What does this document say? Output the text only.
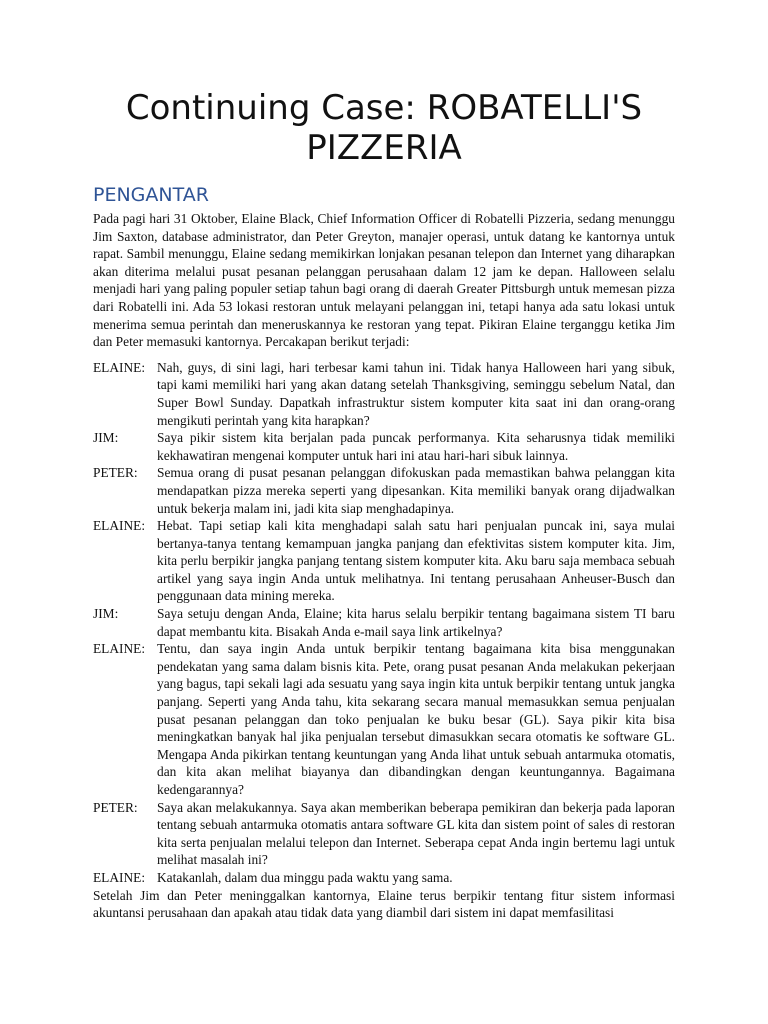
Continuing Case: ROBATELLI'S PIZZERIA
PENGANTAR

Pada pagi hari 31 Oktober, Elaine Black, Chief Information Officer di Robatelli Pizzeria, sedang menunggu Jim Saxton, database administrator, dan Peter Greyton, manajer operasi, untuk datang ke kantornya untuk rapat. Sambil menunggu, Elaine sedang memikirkan lonjakan pesanan telepon dan Internet yang diharapkan akan diterima melalui pusat pesanan pelanggan perusahaan dalam 12 jam ke depan. Halloween selalu menjadi hari yang paling populer setiap tahun bagi orang di daerah Greater Pittsburgh untuk memesan pizza dari Robatelli ini. Ada 53 lokasi restoran untuk melayani pelanggan ini, tetapi hanya ada satu lokasi untuk menerima semua perintah dan meneruskannya ke restoran yang tepat. Pikiran Elaine terganggu ketika Jim dan Peter memasuki kantornya. Percakapan berikut terjadi:

ELAINE: Nah, guys, di sini lagi, hari terbesar kami tahun ini. Tidak hanya Halloween hari yang sibuk, tapi kami memiliki hari yang akan datang setelah Thanksgiving, seminggu sebelum Natal, dan Super Bowl Sunday. Dapatkah infrastruktur sistem komputer kita saat ini dan orang-orang mengikuti perintah yang kita harapkan?
JIM:	Saya pikir sistem kita berjalan pada puncak performanya. Kita seharusnya tidak memiliki kekhawatiran mengenai komputer untuk hari ini atau hari-hari sibuk lainnya.
PETER:	Semua orang di pusat pesanan pelanggan difokuskan pada memastikan bahwa pelanggan kita mendapatkan pizza mereka seperti yang dipesankan. Kita memiliki banyak orang dijadwalkan untuk bekerja malam ini, jadi kita siap menghadapinya.
ELAINE: Hebat. Tapi setiap kali kita menghadapi salah satu hari penjualan puncak ini, saya mulai bertanya-tanya tentang kemampuan jangka panjang dan efektivitas sistem komputer kita. Jim, kita perlu berpikir jangka panjang tentang sistem komputer kita. Aku baru saja membaca sebuah artikel yang saya ingin Anda untuk melihatnya. Ini tentang perusahaan Anheuser-Busch dan penggunaan data mining mereka.
JIM:	Saya setuju dengan Anda, Elaine; kita harus selalu berpikir tentang bagaimana sistem TI baru dapat membantu kita. Bisakah Anda e-mail saya link artikelnya?
ELAINE: Tentu, dan saya ingin Anda untuk berpikir tentang bagaimana kita bisa menggunakan pendekatan yang sama dalam bisnis kita. Pete, orang pusat pesanan Anda melakukan pekerjaan yang bagus, tapi sekali lagi ada sesuatu yang saya ingin kita untuk berpikir tentang untuk jangka panjang. Seperti yang Anda tahu, kita sekarang secara manual memasukkan semua penjualan pusat pesanan pelanggan dan toko penjualan ke buku besar (GL). Saya pikir kita bisa meningkatkan banyak hal jika penjualan tersebut dimasukkan secara otomatis ke software GL. Mengapa Anda pikirkan tentang keuntungan yang Anda lihat untuk sebuah antarmuka otomatis, dan kita akan melihat biayanya dan dibandingkan dengan keuntungannya. Bagaimana kedengarannya?
PETER:	Saya akan melakukannya. Saya akan memberikan beberapa pemikiran dan bekerja pada laporan tentang sebuah antarmuka otomatis antara software GL kita dan sistem point of sales di restoran kita serta penjualan melalui telepon dan Internet. Seberapa cepat Anda ingin bertemu lagi untuk melihat masalah ini?
ELAINE: Katakanlah, dalam dua minggu pada waktu yang sama.

Setelah Jim dan Peter meninggalkan kantornya, Elaine terus berpikir tentang fitur sistem informasi akuntansi perusahaan dan apakah atau tidak data yang diambil dari sistem ini dapat memfasilitasi
